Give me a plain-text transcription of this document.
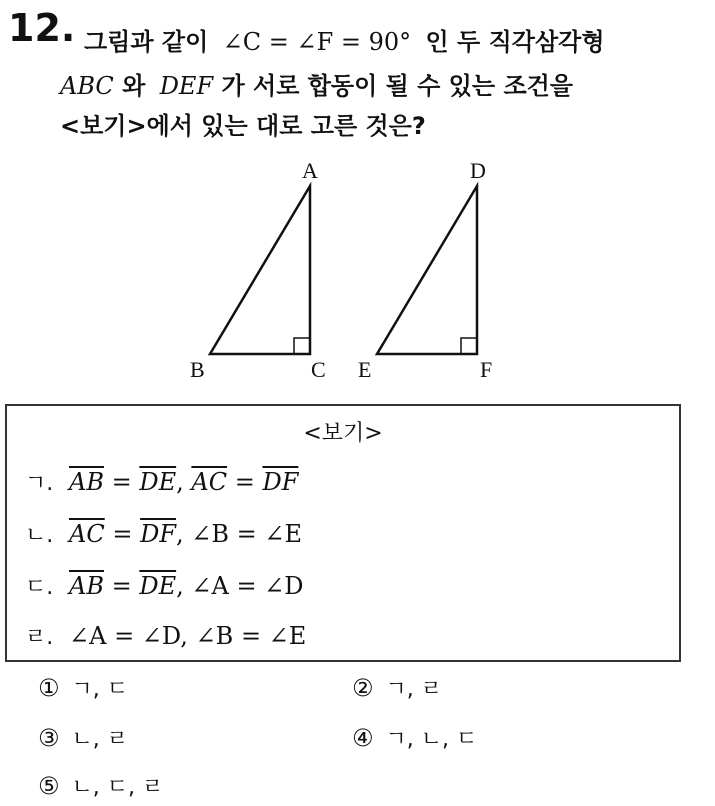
12. 그림과 같이 ∠C = ∠F = 90° 인 두 직각삼각형
ABC 와 DEF 가 서로 합동이 될 수 있는 조건을
<보기>에서 있는 대로 고른 것은?
A
B	C
D
E	F
<보기>
ㄱ. $\overline{AB} = \overline{DE}$, $\overline{AC} = \overline{DF}$
ㄴ. $\overline{AC} = \overline{DF}$, ∠B = ∠E
ㄷ. $\overline{AB} = \overline{DE}$, ∠A = ∠D
ㄹ. ∠A = ∠D, ∠B = ∠E
① ㄱ, ㄷ	② ㄱ, ㄹ
③ ㄴ, ㄹ	④ ㄱ, ㄴ, ㄷ
⑤ ㄴ, ㄷ, ㄹ
